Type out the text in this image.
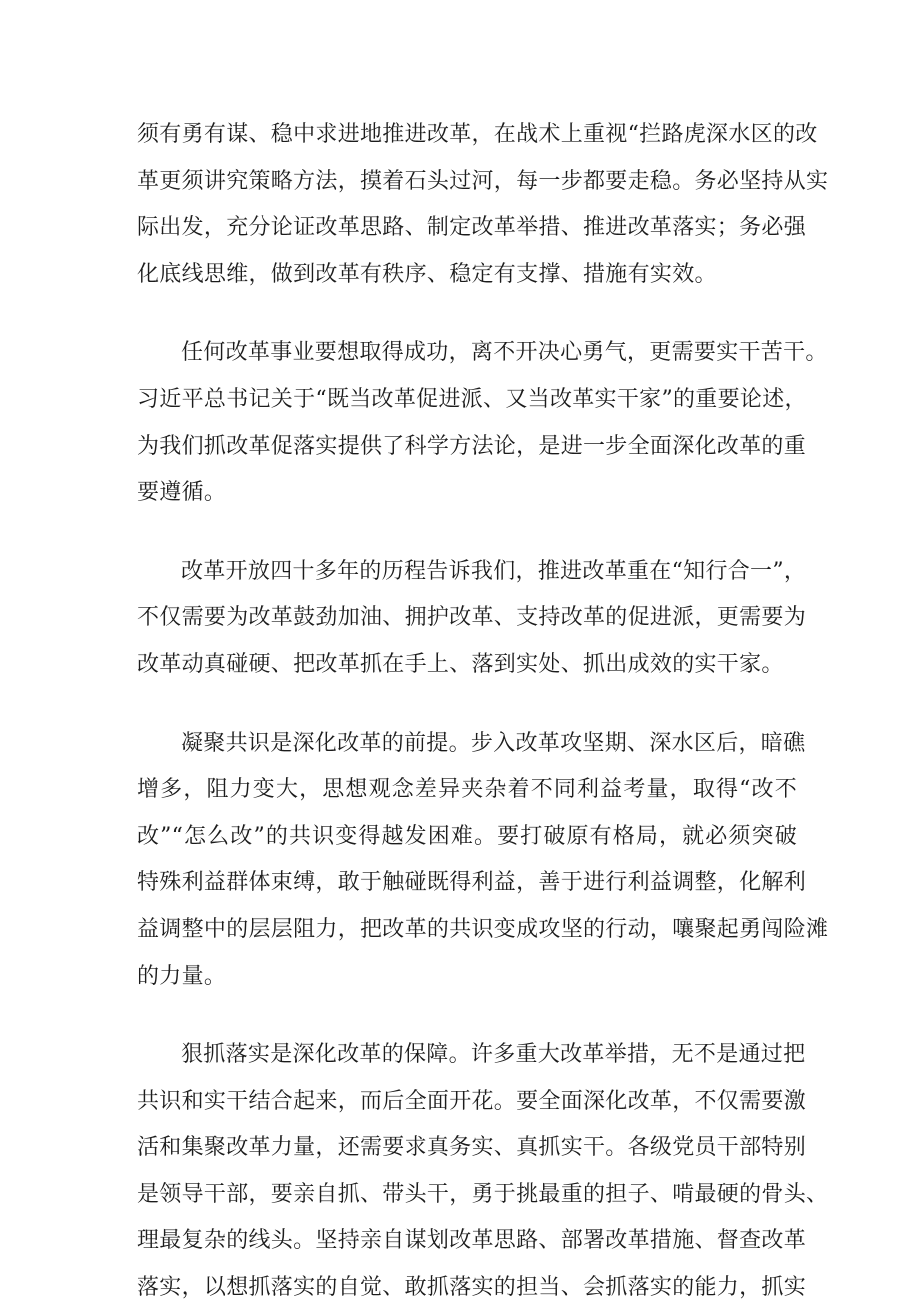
须有勇有谋、稳中求进地推进改革，在战术上重视“拦路虎深水区的改
革更须讲究策略方法，摸着石头过河，每一步都要走稳。务必坚持从实
际出发，充分论证改革思路、制定改革举措、推进改革落实；务必强
化底线思维，做到改革有秩序、稳定有支撑、措施有实效。
任何改革事业要想取得成功，离不开决心勇气，更需要实干苦干。
习近平总书记关于“既当改革促进派、又当改革实干家”的重要论述，
为我们抓改革促落实提供了科学方法论，是进一步全面深化改革的重
要遵循。
改革开放四十多年的历程告诉我们，推进改革重在“知行合一”，
不仅需要为改革鼓劲加油、拥护改革、支持改革的促进派，更需要为
改革动真碰硬、把改革抓在手上、落到实处、抓出成效的实干家。
凝聚共识是深化改革的前提。步入改革攻坚期、深水区后，暗礁
增多，阻力变大，思想观念差异夹杂着不同利益考量，取得“改不
改”“怎么改”的共识变得越发困难。要打破原有格局，就必须突破
特殊利益群体束缚，敢于触碰既得利益，善于进行利益调整，化解利
益调整中的层层阻力，把改革的共识变成攻坚的行动，嚷聚起勇闯险滩
的力量。
狠抓落实是深化改革的保障。许多重大改革举措，无不是通过把
共识和实干结合起来，而后全面开花。要全面深化改革，不仅需要激
活和集聚改革力量，还需要求真务实、真抓实干。各级党员干部特别
是领导干部，要亲自抓、带头干，勇于挑最重的担子、啃最硬的骨头、
理最复杂的线头。坚持亲自谋划改革思路、部署改革措施、督查改革
落实，以想抓落实的自觉、敢抓落实的担当、会抓落实的能力，抓实
